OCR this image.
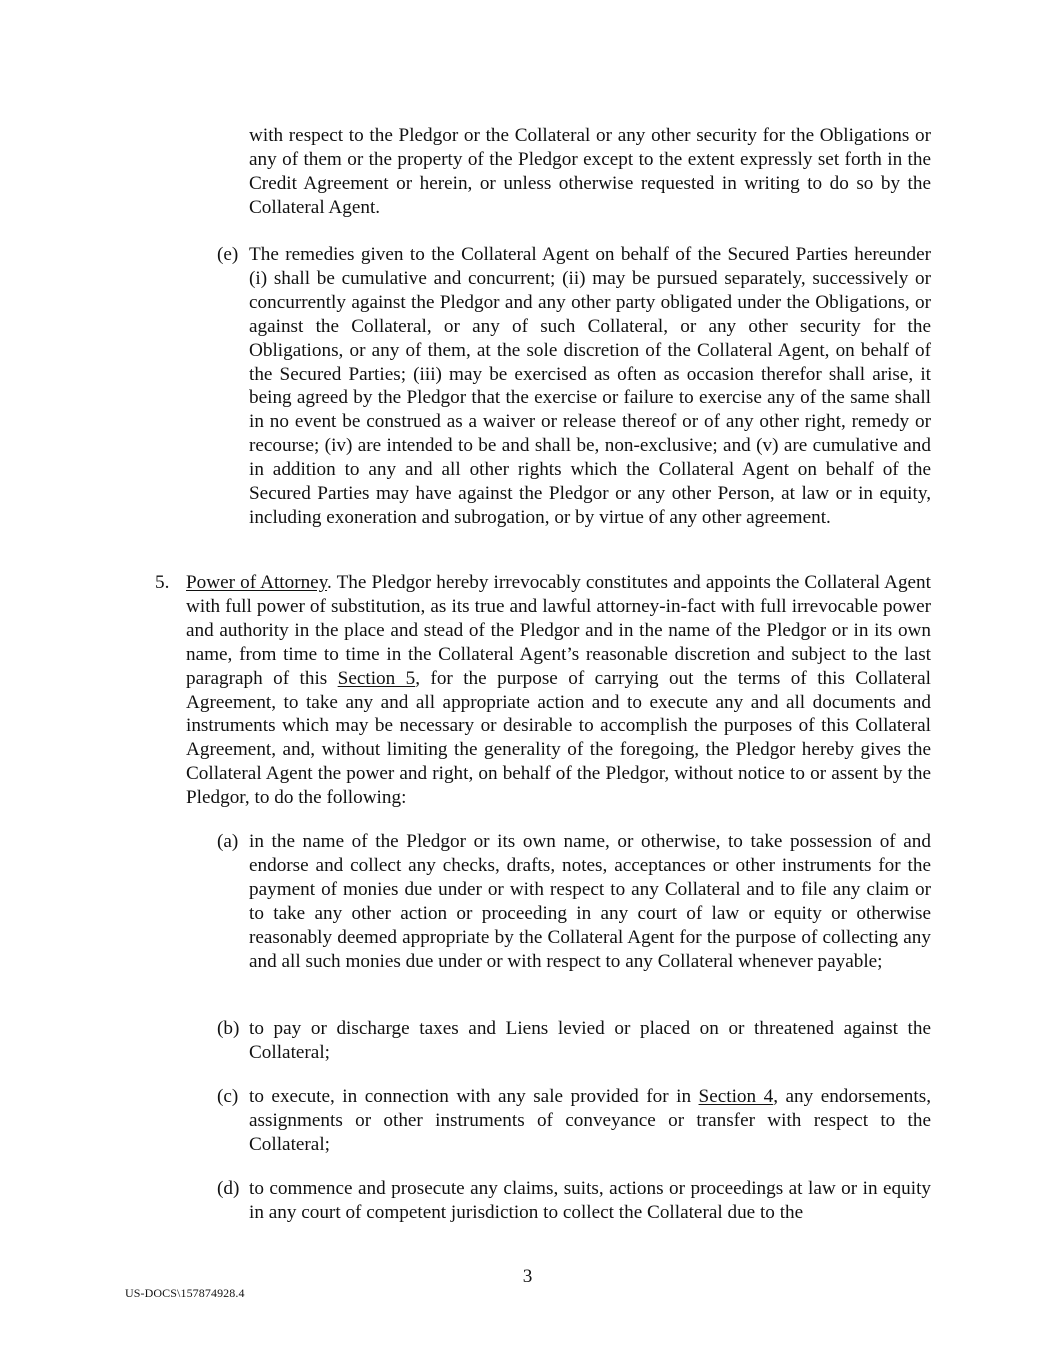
with respect to the Pledgor or the Collateral or any other security for the Obligations or any of them or the property of the Pledgor except to the extent expressly set forth in the Credit Agreement or herein, or unless otherwise requested in writing to do so by the Collateral Agent.

(e) The remedies given to the Collateral Agent on behalf of the Secured Parties hereunder (i) shall be cumulative and concurrent; (ii) may be pursued separately, successively or concurrently against the Pledgor and any other party obligated under the Obligations, or against the Collateral, or any of such Collateral, or any other security for the Obligations, or any of them, at the sole discretion of the Collateral Agent, on behalf of the Secured Parties; (iii) may be exercised as often as occasion therefor shall arise, it being agreed by the Pledgor that the exercise or failure to exercise any of the same shall in no event be construed as a waiver or release thereof or of any other right, remedy or recourse; (iv) are intended to be and shall be, non-exclusive; and (v) are cumulative and in addition to any and all other rights which the Collateral Agent on behalf of the Secured Parties may have against the Pledgor or any other Person, at law or in equity, including exoneration and subrogation, or by virtue of any other agreement.
5. Power of Attorney. The Pledgor hereby irrevocably constitutes and appoints the Collateral Agent with full power of substitution, as its true and lawful attorney-in-fact with full irrevocable power and authority in the place and stead of the Pledgor and in the name of the Pledgor or in its own name, from time to time in the Collateral Agent’s reasonable discretion and subject to the last paragraph of this Section 5, for the purpose of carrying out the terms of this Collateral Agreement, to take any and all appropriate action and to execute any and all documents and instruments which may be necessary or desirable to accomplish the purposes of this Collateral Agreement, and, without limiting the generality of the foregoing, the Pledgor hereby gives the Collateral Agent the power and right, on behalf of the Pledgor, without notice to or assent by the Pledgor, to do the following:
(a) in the name of the Pledgor or its own name, or otherwise, to take possession of and endorse and collect any checks, drafts, notes, acceptances or other instruments for the payment of monies due under or with respect to any Collateral and to file any claim or to take any other action or proceeding in any court of law or equity or otherwise reasonably deemed appropriate by the Collateral Agent for the purpose of collecting any and all such monies due under or with respect to any Collateral whenever payable;
(b) to pay or discharge taxes and Liens levied or placed on or threatened against the Collateral;
(c) to execute, in connection with any sale provided for in Section 4, any endorsements, assignments or other instruments of conveyance or transfer with respect to the Collateral;
(d) to commence and prosecute any claims, suits, actions or proceedings at law or in equity in any court of competent jurisdiction to collect the Collateral due to the
3
US-DOCS\157874928.4
